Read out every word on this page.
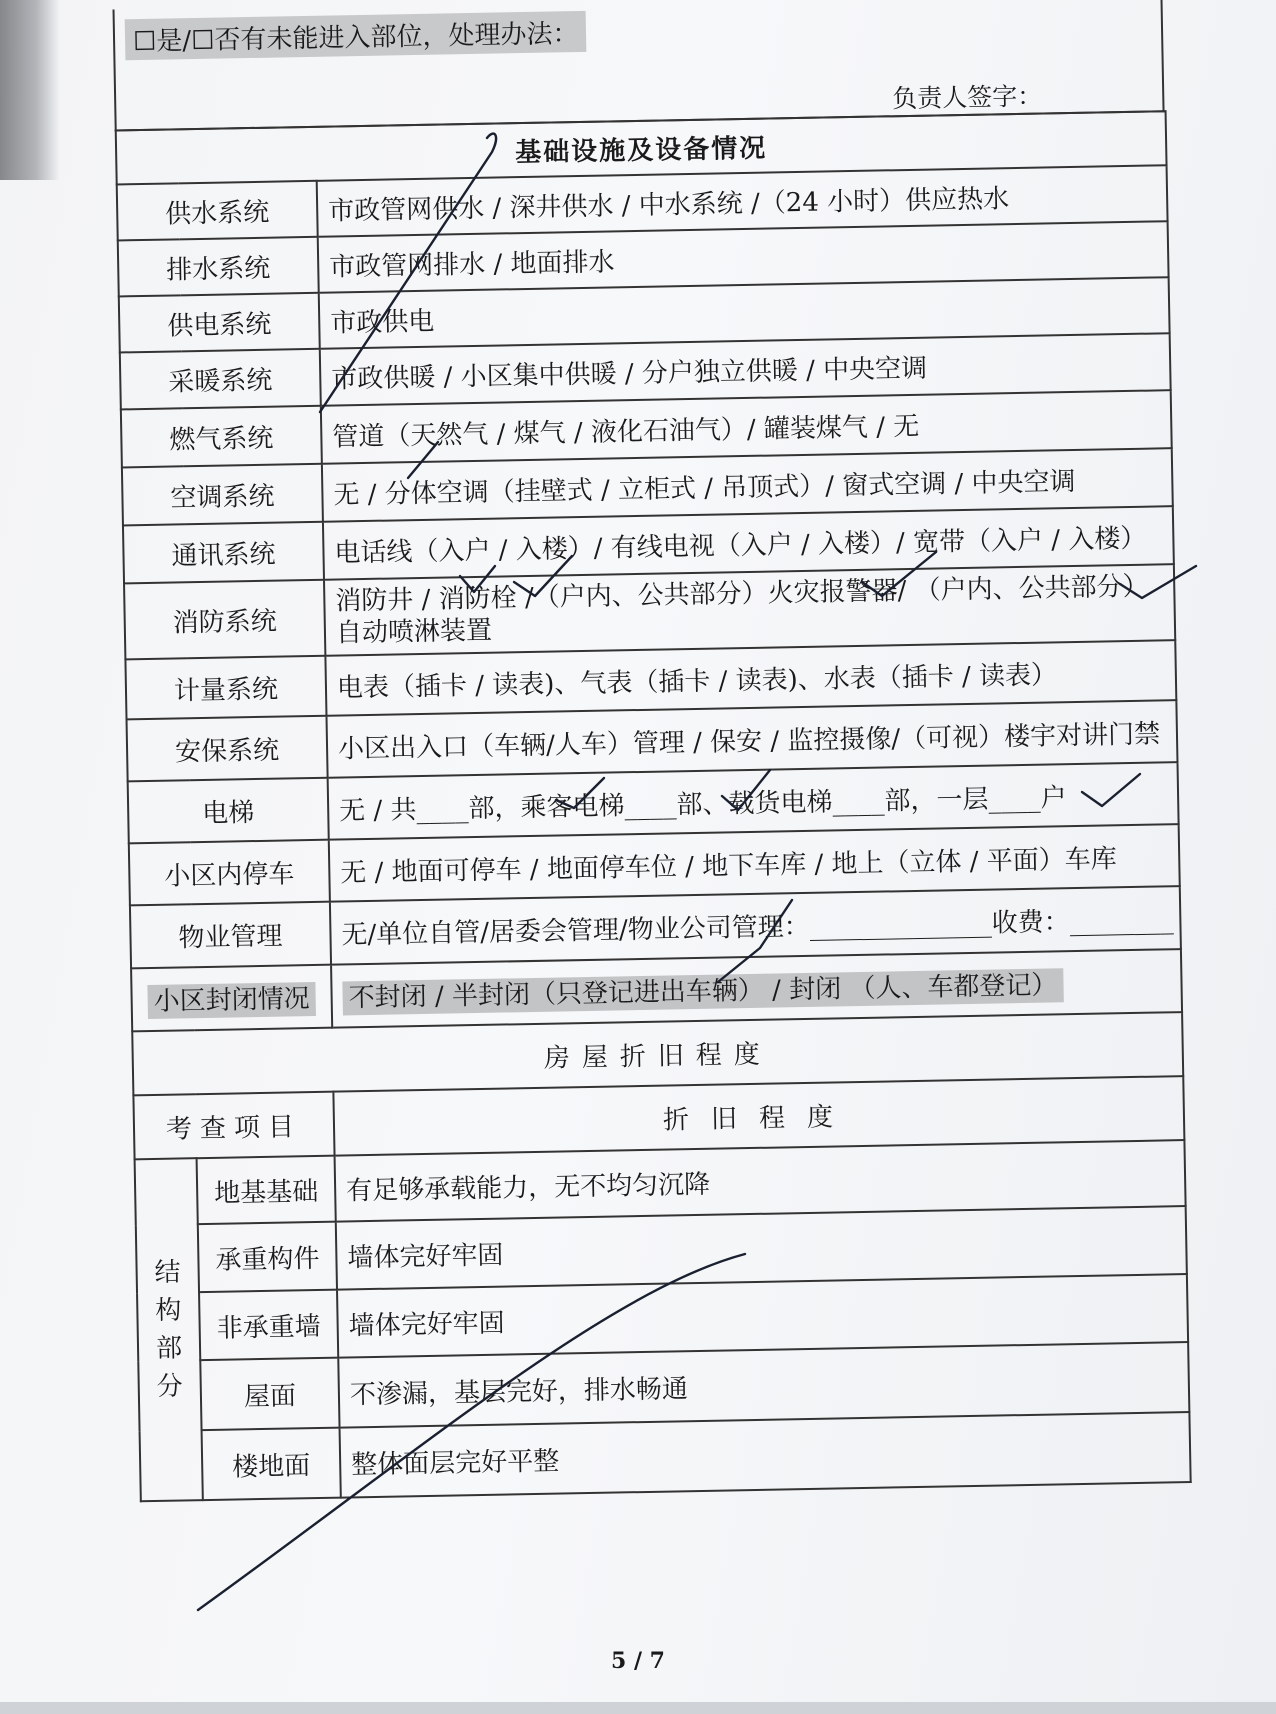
☐是/☐否有未能进入部位，处理办法：
负责人签字：
基础设施及设备情况		
供水系统		市政管网供水 / 深井供水 / 中水系统 /（24 小时）供应热水
排水系统		市政管网排水 / 地面排水
供电系统		市政供电
采暖系统		市政供暖 / 小区集中供暖 / 分户独立供暖 / 中央空调
燃气系统		管道（天然气 / 煤气 / 液化石油气）/ 罐装煤气 / 无
空调系统		无 / 分体空调（挂壁式 / 立柜式 / 吊顶式）/ 窗式空调 / 中央空调
通讯系统		电话线（入户 / 入楼）/ 有线电视（入户 / 入楼）/ 宽带（入户 / 入楼）
消防系统		消防井 / 消防栓 /（户内、公共部分）火灾报警器/ （户内、公共部分）自动喷淋装置
计量系统		电表（插卡 / 读表)、气表（插卡 / 读表)、水表（插卡 / 读表）
安保系统		小区出入口（车辆/人车）管理 / 保安 / 监控摄像/（可视）楼宇对讲门禁
电梯		无 / 共____部，乘客电梯____部、载货电梯____部，一层____户
小区内停车		无 / 地面可停车 / 地面停车位 / 地下车库 / 地上（立体 / 平面）车库
物业管理		无/单位自管/居委会管理/物业公司管理：______________收费：________
小区封闭情况		不封闭 / 半封闭（只登记进出车辆） / 封闭 （人、车都登记）
房屋折旧程度		
考查项目		折旧程度

结构部分	地基基础	有足够承载能力，无不均匀沉降
	承重构件	墙体完好牢固
	非承重墙	墙体完好牢固
	屋面	不渗漏，基层完好，排水畅通
	楼地面	整体面层完好平整
5 / 7
